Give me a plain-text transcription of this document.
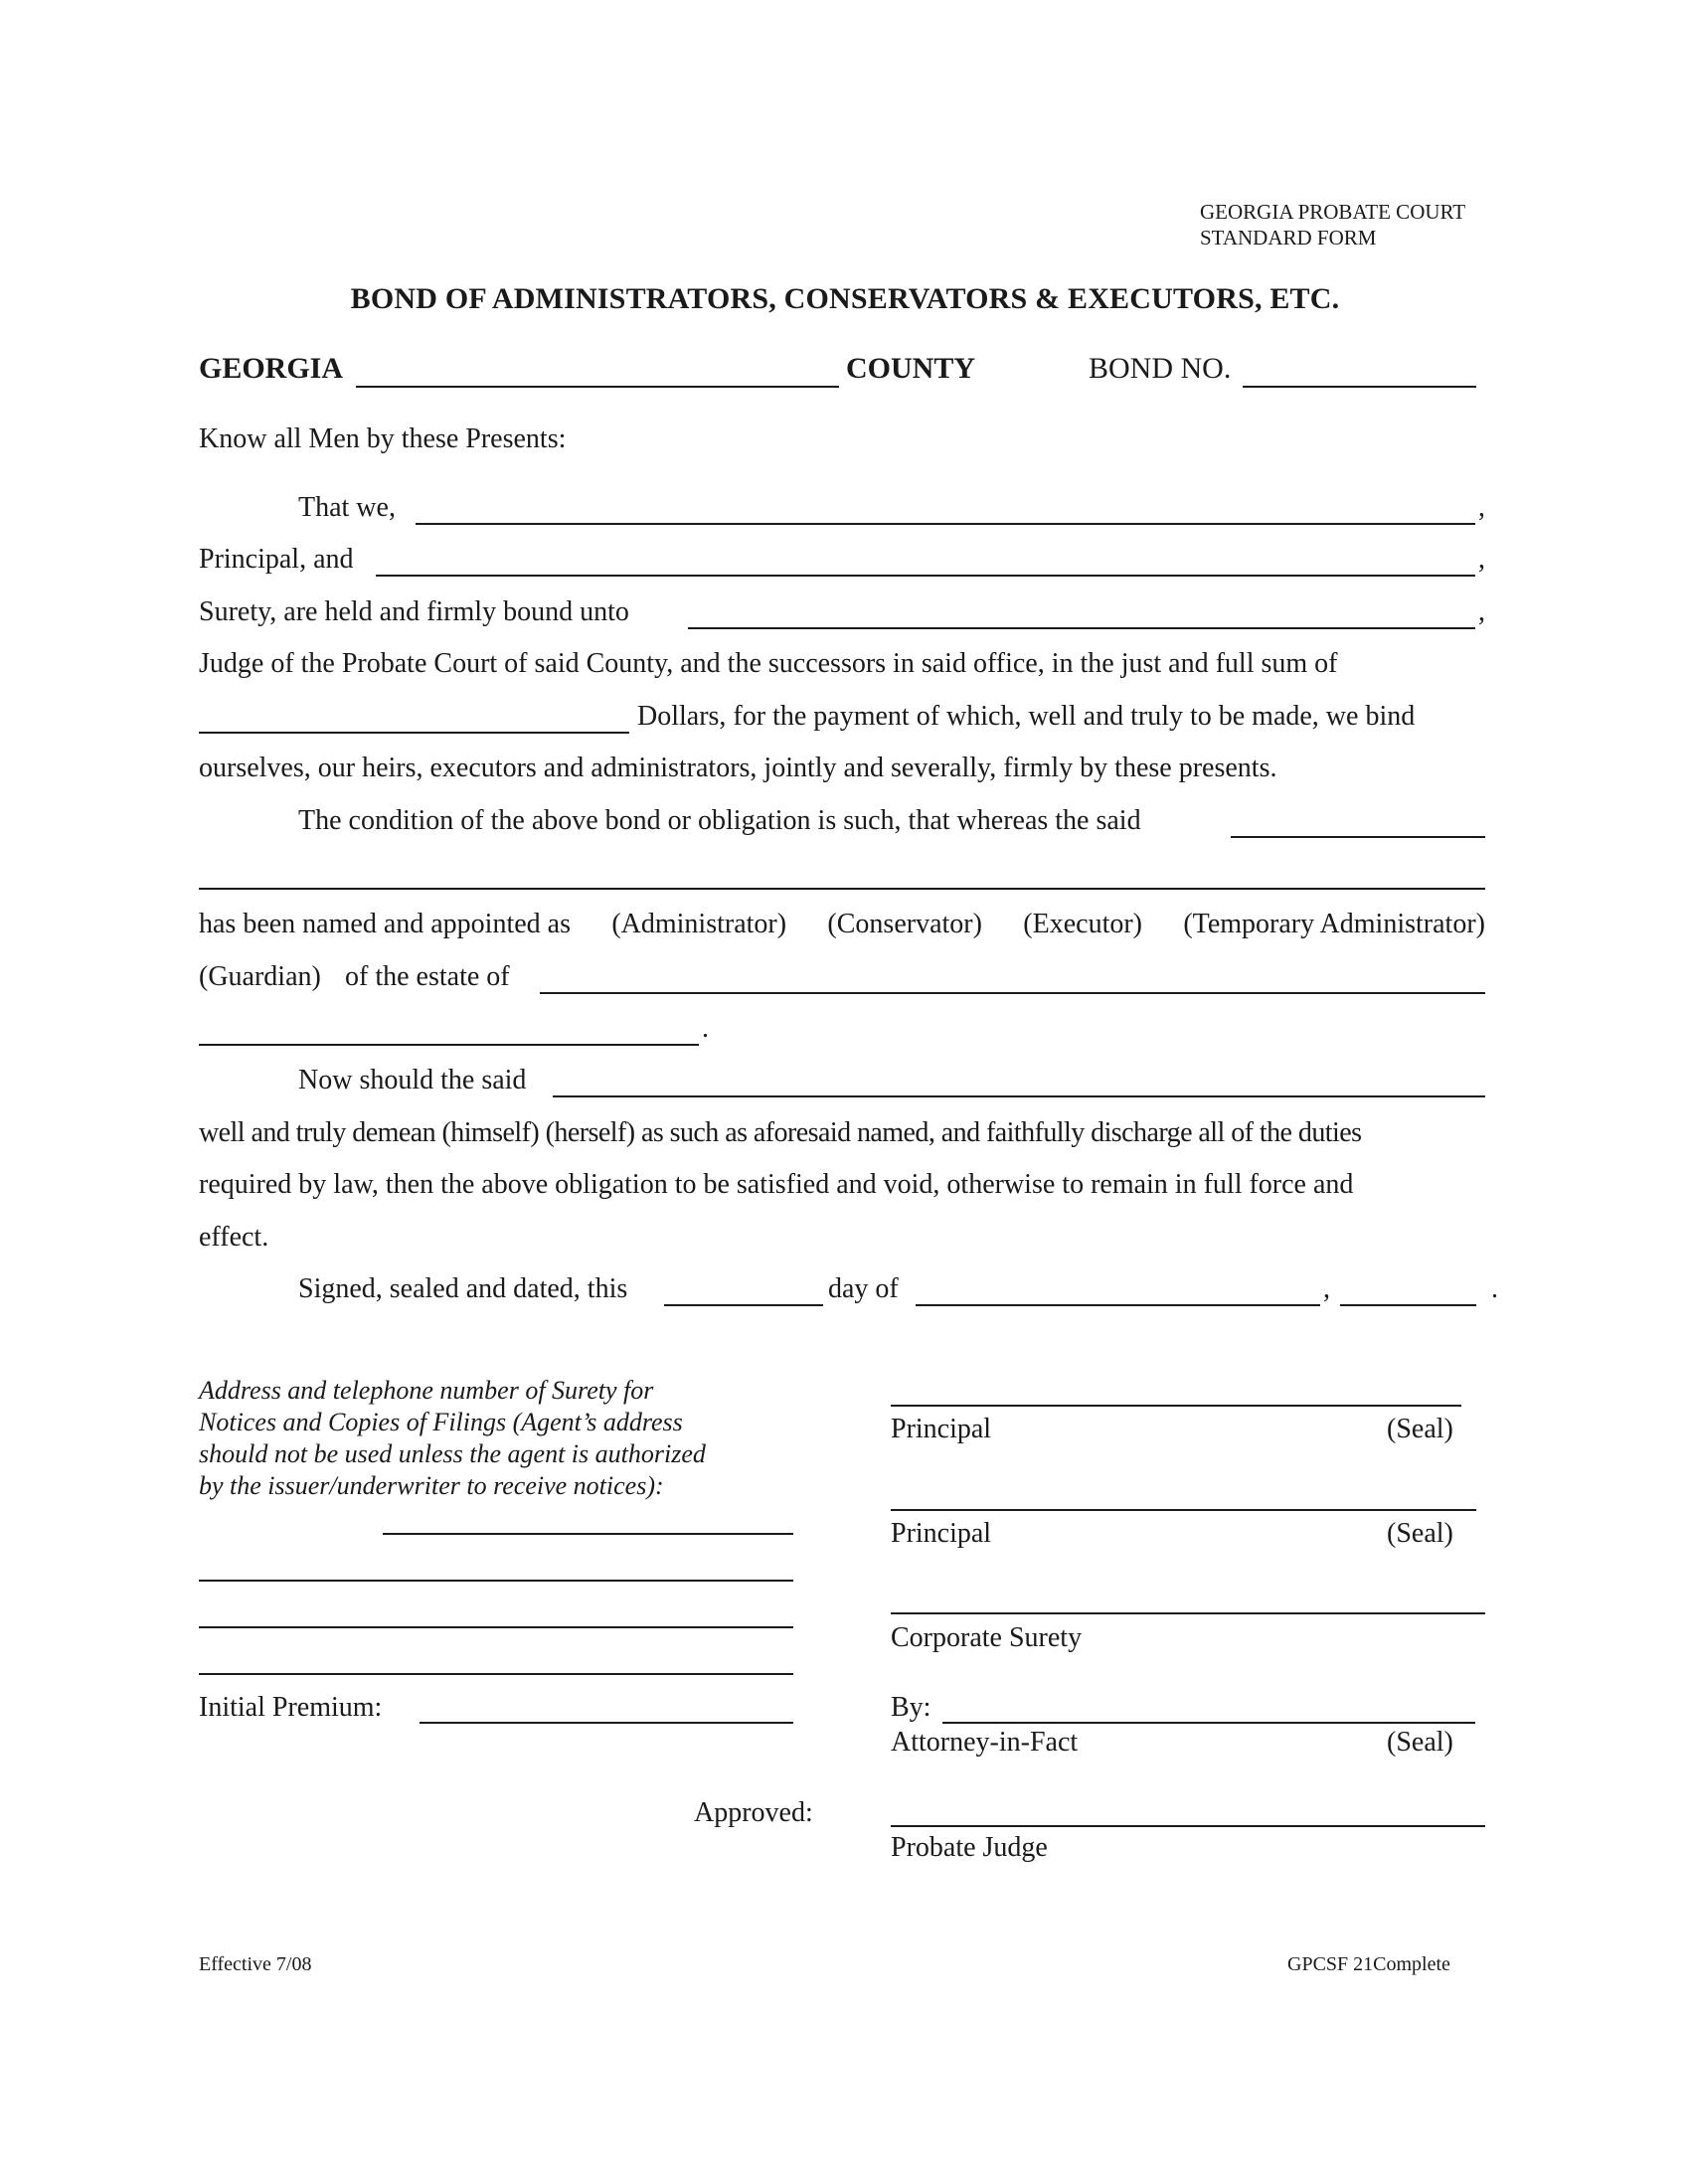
GEORGIA PROBATE COURT
STANDARD FORM
BOND OF ADMINISTRATORS, CONSERVATORS & EXECUTORS, ETC.
GEORGIA	COUNTY	BOND NO.
Know all Men by these Presents:
That we,	,
Principal, and	,
Surety, are held and firmly bound unto	,
Judge of the Probate Court of said County, and the successors in said office, in the just and full sum of
Dollars, for the payment of which, well and truly to be made, we bind
ourselves, our heirs, executors and administrators, jointly and severally, firmly by these presents.
The condition of the above bond or obligation is such, that whereas the said
has been named and appointed as (Administrator) (Conservator) (Executor) (Temporary Administrator)
(Guardian) of the estate of
.
Now should the said
well and truly demean (himself) (herself) as such as aforesaid named, and faithfully discharge all of the duties
required by law, then the above obligation to be satisfied and void, otherwise to remain in full force and
effect.
Signed, sealed and dated, this	day of	,	.
Address and telephone number of Surety for Notices and Copies of Filings (Agent’s address should not be used unless the agent is authorized by the issuer/underwriter to receive notices):
Initial Premium:
Principal	(Seal)
Principal	(Seal)
Corporate Surety
By:
Attorney-in-Fact	(Seal)
Approved:
Probate Judge
Effective 7/08	GPCSF 21Complete
